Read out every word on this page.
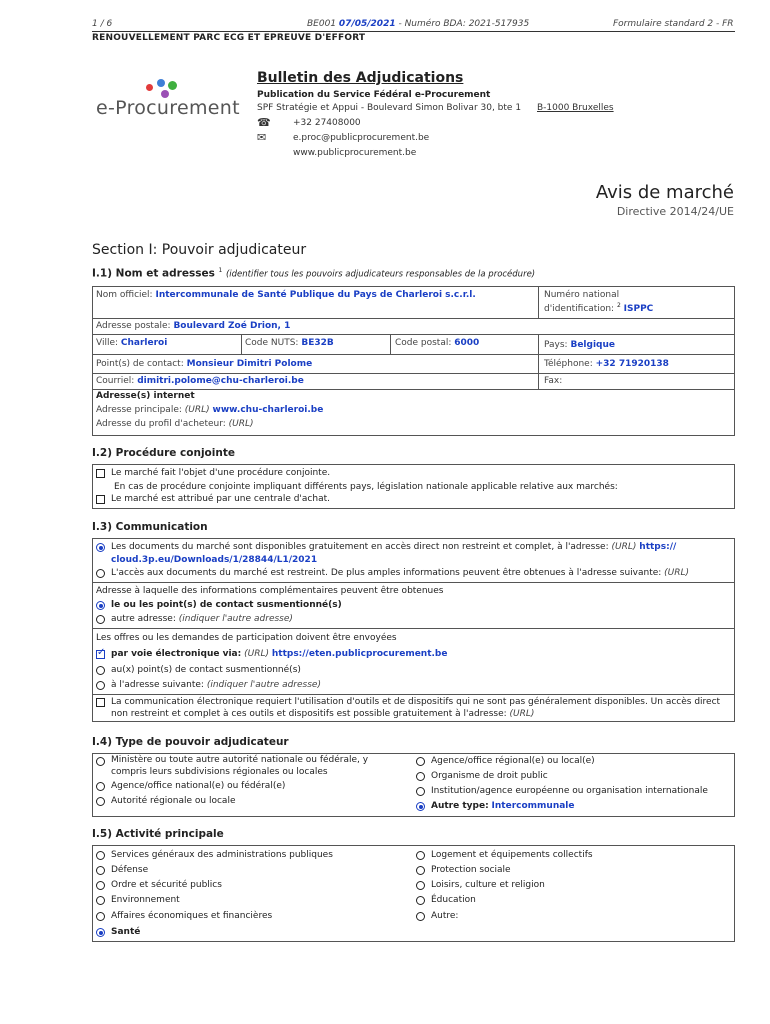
1 / 6	BE001 07/05/2021 - Numéro BDA: 2021-517935	Formulaire standard 2 - FR
RENOUVELLEMENT PARC ECG ET EPREUVE D'EFFORT
e-Procurement
Bulletin des Adjudications
Publication du Service Fédéral e-Procurement
SPF Stratégie et Appui - Boulevard Simon Bolivar 30, bte 1 B-1000 Bruxelles
☎ +32 27408000
✉	e.proc@publicprocurement.be
www.publicprocurement.be
Avis de marché
Directive 2014/24/UE
Section I: Pouvoir adjudicateur
I.1) Nom et adresses $^1$ (identifier tous les pouvoirs adjudicateurs responsables de la procédure)
Nom officiel: Intercommunale de Santé Publique du Pays de Charleroi s.c.r.l.	Numéro national
d'identification: $^2$ ISPPC
Adresse postale: Boulevard Zoé Drion, 1
Ville: Charleroi	Code NUTS: BE32B	Code postal: 6000	Pays: Belgique
Point(s) de contact: Monsieur Dimitri Polome	Téléphone: +32 71920138
Courriel: dimitri.polome@chu-charleroi.be	Fax:
Adresse(s) internet
Adresse principale: (URL) www.chu-charleroi.be
Adresse du profil d'acheteur: (URL)
I.2) Procédure conjointe
Le marché fait l'objet d'une procédure conjointe.
En cas de procédure conjointe impliquant différents pays, législation nationale applicable relative aux marchés:
Le marché est attribué par une centrale d'achat.
I.3) Communication
Les documents du marché sont disponibles gratuitement en accès direct non restreint et complet, à l'adresse: (URL) https://
cloud.3p.eu/Downloads/1/28844/L1/2021
L'accès aux documents du marché est restreint. De plus amples informations peuvent être obtenues à l'adresse suivante: (URL)
Adresse à laquelle des informations complémentaires peuvent être obtenues
le ou les point(s) de contact susmentionné(s)
autre adresse: (indiquer l'autre adresse)
Les offres ou les demandes de participation doivent être envoyées
✓
par voie électronique via: (URL) https://eten.publicprocurement.be
au(x) point(s) de contact susmentionné(s)
à l'adresse suivante: (indiquer l'autre adresse)
La communication électronique requiert l'utilisation d'outils et de dispositifs qui ne sont pas généralement disponibles. Un accès direct
non restreint et complet à ces outils et dispositifs est possible gratuitement à l'adresse: (URL)
I.4) Type de pouvoir adjudicateur
Ministère ou toute autre autorité nationale ou fédérale, y
compris leurs subdivisions régionales ou locales
Agence/office national(e) ou fédéral(e)
Autorité régionale ou locale
Agence/office régional(e) ou local(e)
Organisme de droit public
Institution/agence européenne ou organisation internationale
Autre type: Intercommunale
I.5) Activité principale
Services généraux des administrations publiques
Défense
Ordre et sécurité publics
Environnement
Affaires économiques et financières
Santé
Logement et équipements collectifs
Protection sociale
Loisirs, culture et religion
Éducation
Autre:
